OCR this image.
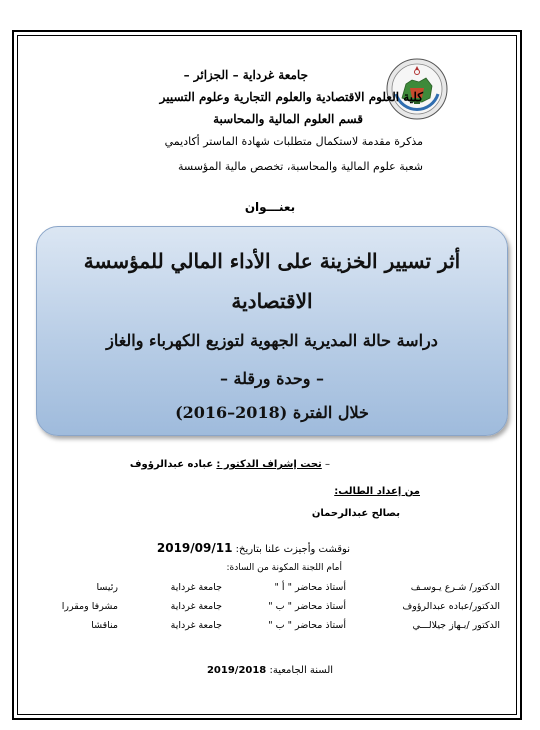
جامعة غرداية – الجزائر –
كلية العلوم الاقتصادية والعلوم التجارية وعلوم التسيير
قسم العلوم المالية والمحاسبة
مذكرة مقدمة لاستكمال متطلبات شهادة الماستر أكاديمي
شعبة علوم المالية والمحاسبة، تخصص مالية المؤسسة
بعنـــوان
أثر تسيير الخزينة على الأداء المالي للمؤسسة
الاقتصادية
دراسة حالة المديرية الجهوية لتوزيع الكهرباء والغاز
– وحدة ورقلة –
خلال الفترة (2018–2016)
– تحت إشراف الدكتور : عباده عبدالرؤوف
من إعداد الطالب:
بصالح عبدالرحمان
نوقشت وأجيزت علنا بتاريخ: 2019/09/11
أمام اللجنة المكونة من السادة:
الدكتور/ شـرع يـوسـف	أستاذ محاضر " أ "	جامعة غرداية	رئيسا
الدكتور/عباده عبدالرؤوف	أستاذ محاضر " ب "	جامعة غرداية	مشرفا ومقررا
الدكتور /بـهاز جيلالـــي	أستاذ محاضر " ب "	جامعة غرداية	مناقشا
السنة الجامعية: 2019/2018
